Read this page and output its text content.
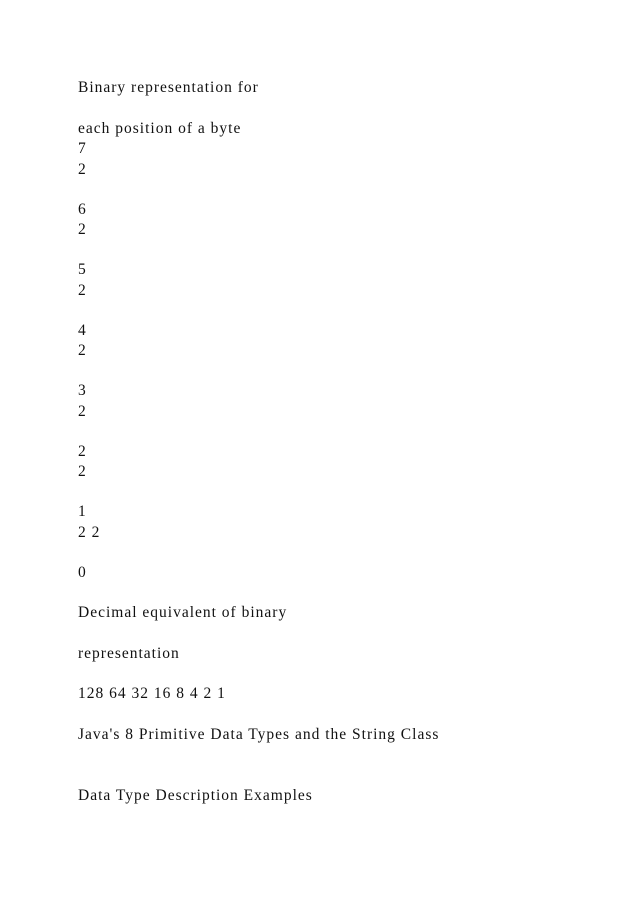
Binary representation for

each position of a byte

7

2

6

2

5

2

4

2

3

2

2

2

1

2 2

0

Decimal equivalent of binary

representation

128 64 32 16 8 4 2 1

Java's 8 Primitive Data Types and the String Class

Data Type Description Examples
